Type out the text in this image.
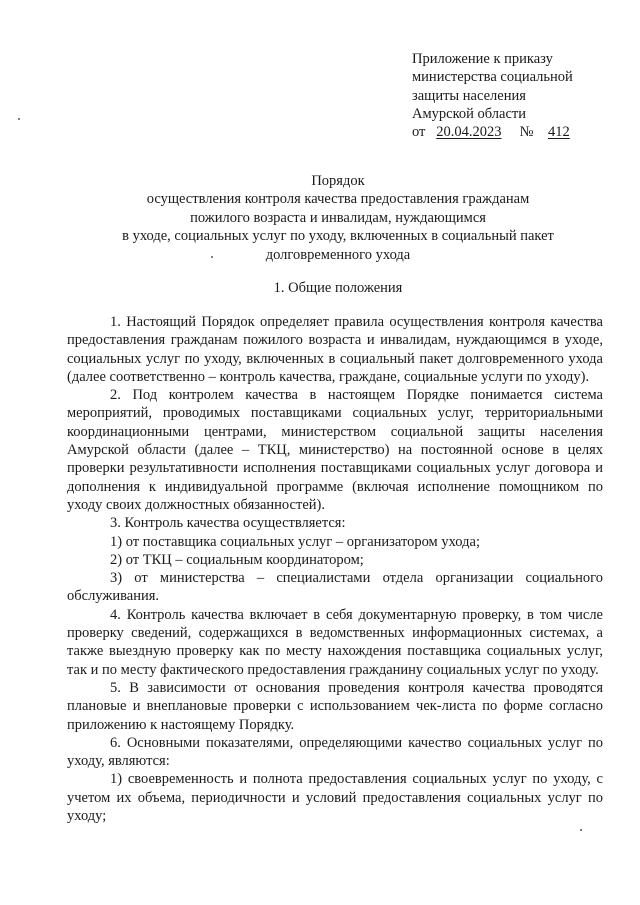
Приложение к приказу
министерства социальной
защиты населения
Амурской области
от 20.04.2023 № 412
Порядок
осуществления контроля качества предоставления гражданам
пожилого возраста и инвалидам, нуждающимся
в уходе, социальных услуг по уходу, включенных в социальный пакет
долговременного ухода
1. Общие положения

1. Настоящий Порядок определяет правила осуществления контроля качества предоставления гражданам пожилого возраста и инвалидам, нуждающимся в уходе, социальных услуг по уходу, включенных в социальный пакет долговременного ухода (далее соответственно – контроль качества, граждане, социальные услуги по уходу).

2. Под контролем качества в настоящем Порядке понимается система мероприятий, проводимых поставщиками социальных услуг, территориальными координационными центрами, министерством социальной защиты населения Амурской области (далее – ТКЦ, министерство) на постоянной основе в целях проверки результативности исполнения поставщиками социальных услуг договора и дополнения к индивидуальной программе (включая исполнение помощником по уходу своих должностных обязанностей).

3. Контроль качества осуществляется:

1) от поставщика социальных услуг – организатором ухода;

2) от ТКЦ – социальным координатором;

3) от министерства – специалистами отдела организации социального обслуживания.

4. Контроль качества включает в себя документарную проверку, в том числе проверку сведений, содержащихся в ведомственных информационных системах, а также выездную проверку как по месту нахождения поставщика социальных услуг, так и по месту фактического предоставления гражданину социальных услуг по уходу.

5. В зависимости от основания проведения контроля качества проводятся плановые и внеплановые проверки с использованием чек-листа по форме согласно приложению к настоящему Порядку.

6. Основными показателями, определяющими качество социальных услуг по уходу, являются:

1) своевременность и полнота предоставления социальных услуг по уходу, с учетом их объема, периодичности и условий предоставления социальных услуг по уходу;
